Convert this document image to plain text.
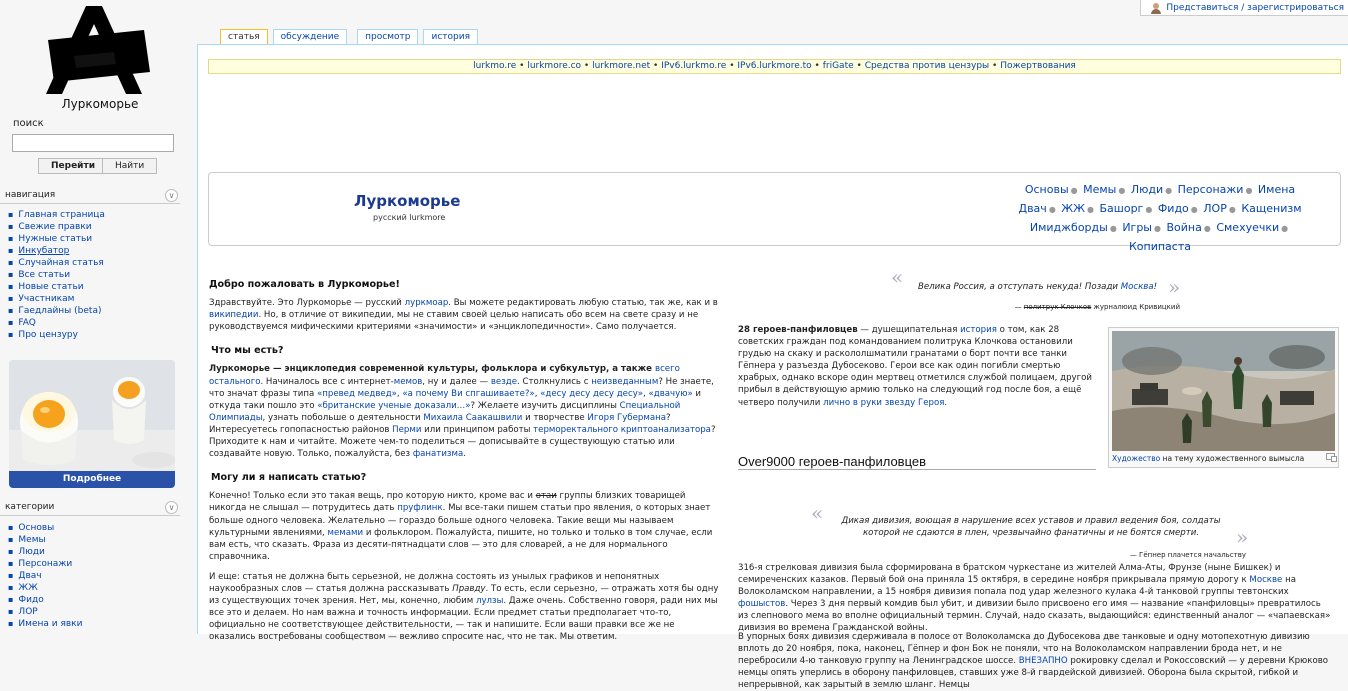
Представиться / зарегистрироваться
Луркоморье
поиск
Перейти	Найти
навигация	∨
▪ Главная страница
▪ Свежие правки
▪ Нужные статьи
▪ Инкубатор
▪ Случайная статья
▪ Все статьи
▪ Новые статьи
▪ Участникам
▪ Гаедлайны (beta)
▪ FAQ
▪ Про цензуру
Подробнее
категории	∨
▪ Основы
▪ Мемы
▪ Люди
▪ Персонажи
▪ Двач
▪ ЖЖ
▪ Фидо
▪ ЛОР
▪ Имена и явки
статья	обсуждение	просмотр	история
lurkmo.re • lurkmore.co • lurkmore.net • IPv6.lurkmo.re • IPv6.lurkmore.to • friGate • Средства против цензуры • Пожертвования
Луркоморье
русский lurkmore
Основы ● Мемы ● Люди ● Персонажи ● Имена
Двач ● ЖЖ ● Башорг ● Фидо ● ЛОР ● Кащенизм
Имиджборды ● Игры ● Война ● Смехуечки ● Копипаста
Добро пожаловать в Луркоморье!
Здравствуйте. Это Луркоморье — русский луркмоар. Вы можете редактировать любую статью, так же, как и в википедии. Но, в отличие от википедии, мы не ставим своей целью написать обо всем на свете сразу и не руководствуемся мифическими критериями «значимости» и «энциклопедичности». Само получается.
Что мы есть?
Луркоморье — энциклопедия современной культуры, фольклора и субкультур, а также всего остального. Начиналось все с интернет-мемов, ну и далее — везде. Столкнулись с неизведанным? Не знаете, что значат фразы типа «превед медвед», «а почему Ви спгашиваете?», «десу десу десу десу», «двачую» и откуда таки пошло это «британские ученые доказали…»? Желаете изучить дисциплины Специальной Олимпиады, узнать побольше о деятельности Михаила Саакашвили и творчестве Игоря Губермана? Интересуетесь гопопасностью районов Перми или принципом работы терморектального криптоанализатора? Приходите к нам и читайте. Можете чем-то поделиться — дописывайте в существующую статью или создавайте новую. Только, пожалуйста, без фанатизма.
Могу ли я написать статью?
Конечно! Только если это такая вещь, про которую никто, кроме вас и отаи группы близких товарищей никогда не слышал — потрудитесь дать пруфлинк. Мы все-таки пишем статьи про явления, о которых знает больше одного человека. Желательно — гораздо больше одного человека. Такие вещи мы называем культурными явлениями, мемами и фольклором. Пожалуйста, пишите, но только и только в том случае, если вам есть, что сказать. Фраза из десяти-пятнадцати слов — это для словарей, а не для нормального справочника.
И еще: статья не должна быть серьезной, не должна состоять из унылых графиков и непонятных наукообразных слов — статья должна рассказывать Правду. То есть, если серьезно, — отражать хотя бы одну из существующих точек зрения. Нет, мы, конечно, любим лулзы. Даже очень. Собственно говоря, ради них мы все это и делаем. Но нам важна и точность информации. Если предмет статьи предполагает что-то, официально не соответствующее действительности, — так и напишите. Если ваши правки все же не оказались востребованы сообществом — вежливо спросите нас, что не так. Мы ответим.
« Велика Россия, а отступать некуда! Позади Москва! »
— политрук Клочков журналюид Кривицкий
28 героев-панфиловцев — душещипательная история о том, как 28 советских граждан под командованием политрука Клочкова остановили грудью на скаку и раскололшматили гранатами о борт почти все танки Гёпнера у разъезда Дубосеково. Герои все как один погибли смертью храбрых, однако вскоре один мертвец отметился службой полицаем, другой прибыл в действующую армию только на следующий год после боя, а ещё четверо получили лично в руки звезду Героя.
Художество на тему художественного вымысла
Over9000 героев-панфиловцев
«	Дикая дивизия, воющая в нарушение всех уставов и правил ведения боя, солдаты которой не сдаются в плен, чрезвычайно фанатичны и не боятся смерти.	»
— Гёпнер плачется начальству
316-я стрелковая дивизия была сформирована в братском чуркестане из жителей Алма-Аты, Фрунзе (ныне Бишкек) и семиреченских казаков. Первый бой она приняла 15 октября, в середине ноября прикрывала прямую дорогу к Москве на Волоколамском направлении, а 15 ноября дивизия попала под удар железного кулака 4-й танковой группы тевтонских фошыстов. Через 3 дня первый комдив был убит, и дивизии было присвоено его имя — название «панфиловцы» превратилось из слепнового мема во вполне официальный термин. Случай, надо сказать, выдающийся: единственный аналог — «чапаевская» дивизия во времена Гражданской войны.
В упорных боях дивизия сдерживала в полосе от Волоколамска до Дубосекова две танковые и одну мотопехотную дивизию вплоть до 20 ноября, пока, наконец, Гёпнер и фон Бок не поняли, что на Волоколамском направлении брода нет, и не перебросили 4-ю танковую группу на Ленинградское шоссе. ВНЕЗАПНО рокировку сделал и Рокоссовский — у деревни Крюково немцы опять уперлись в оборону панфиловцев, ставших уже 8-й гвардейской дивизией. Оборона была скрытой, гибкой и непрерывной, как зарытый в землю шланг. Немцы
